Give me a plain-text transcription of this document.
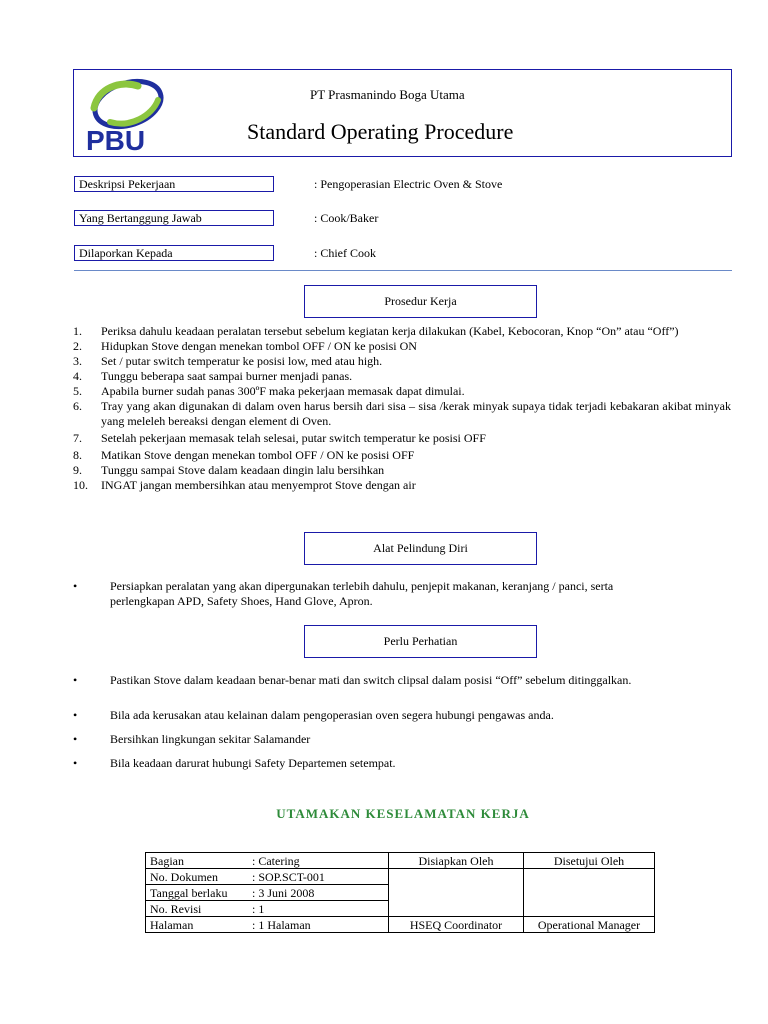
PBU
PT Prasmanindo Boga Utama
Standard Operating Procedure
Deskripsi Pekerjaan	: Pengoperasian Electric Oven & Stove
Yang Bertanggung Jawab	: Cook/Baker
Dilaporkan Kepada	: Chief Cook
Prosedur Kerja
1.	Periksa dahulu keadaan peralatan tersebut sebelum kegiatan kerja dilakukan (Kabel, Kebocoran, Knop “On” atau “Off”)
2.	Hidupkan Stove dengan menekan tombol OFF / ON ke posisi ON
3.	Set / putar switch temperatur ke posisi low, med atau high.
4.	Tunggu beberapa saat sampai burner menjadi panas.
5.	Apabila burner sudah panas 300ºF maka pekerjaan memasak dapat dimulai.
6.	Tray yang akan digunakan di dalam oven harus bersih dari sisa – sisa /kerak minyak supaya tidak terjadi kebakaran akibat minyak yang meleleh bereaksi dengan element di Oven.
7.	Setelah pekerjaan memasak telah selesai, putar switch temperatur ke posisi OFF
8.	Matikan Stove dengan menekan tombol OFF / ON ke posisi OFF
9.	Tunggu sampai Stove dalam keadaan dingin lalu bersihkan
10.	INGAT jangan membersihkan atau menyemprot Stove dengan air
Alat Pelindung Diri
•	Persiapkan peralatan yang akan dipergunakan terlebih dahulu, penjepit makanan, keranjang / panci, serta perlengkapan APD, Safety Shoes, Hand Glove, Apron.
Perlu Perhatian
•	Pastikan Stove dalam keadaan benar-benar mati dan switch clipsal dalam posisi “Off” sebelum ditinggalkan.
•	Bila ada kerusakan atau kelainan dalam pengoperasian oven segera hubungi pengawas anda.
•	Bersihkan lingkungan sekitar Salamander
•	Bila keadaan darurat hubungi Safety Departemen setempat.
UTAMAKAN KESELAMATAN KERJA
Bagian : Catering	Disiapkan Oleh	Disetujui Oleh

No. Dokumen : SOP.SCT-001		

Tanggal berlaku : 3 Juni 2008		

No. Revisi : 1		

Halaman : 1 Halaman	HSEQ Coordinator	Operational Manager
